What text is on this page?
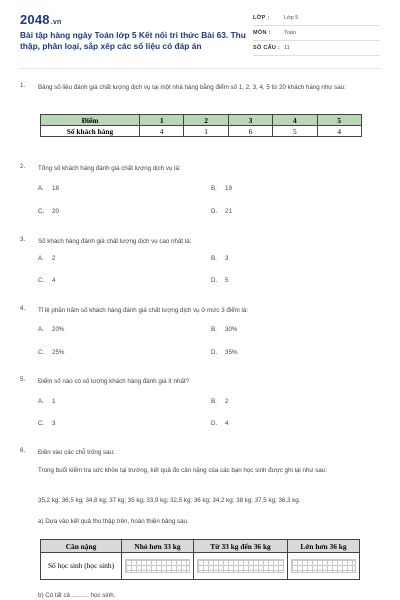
2048.vn
Bài tập hàng ngày Toán lớp 5 Kết nối tri thức Bài 63. Thu thập, phân loại, sắp xếp các số liệu có đáp án
LỚP :	Lớp 5
MÔN : Toán
SỐ CÂU : 11
1. Bảng số liệu đánh giá chất lượng dịch vụ tại một nhà hàng bằng điểm số 1, 2, 3, 4, 5 từ 20 khách hàng như sau:
Điểm	1	2	3	4	5
Số khách hàng	4	1	6	5	4
2. Tổng số khách hàng đánh giá chất lượng dịch vụ là:
A. 18	B. 19
C. 20	D. 21
3. Số khách hàng đánh giá chất lượng dịch vụ cao nhất là:
A. 2	B. 3
C. 4	D. 5
4. Tỉ lệ phần trăm số khách hàng đánh giá chất lượng dịch vụ ở mức 3 điểm là:
A. 20%	B. 30%
C. 25%	D. 35%
5. Điểm số nào có số lượng khách hàng đánh giá ít nhất?
A. 1	B. 2
C. 3	D. 4
6. Điền vào các chỗ trống sau:
Trong buổi kiểm tra sức khỏe tại trường, kết quả đo cân nặng của các bạn học sinh được ghi lại như sau:
35,2 kg; 36,5 kg; 34,8 kg; 37 kg; 35 kg; 33,9 kg; 32,5 kg; 36 kg; 34,2 kg; 38 kg; 37,5 kg; 36,3 kg.
a) Dựa vào kết quả thu thập trên, hoàn thiện bảng sau.
Cân nặng	Nhỏ hơn 33 kg	Từ 33 kg đến 36 kg	Lớn hơn 36 kg
Số học sinh (học sinh)	

b) Có tất cả .......... học sinh.
